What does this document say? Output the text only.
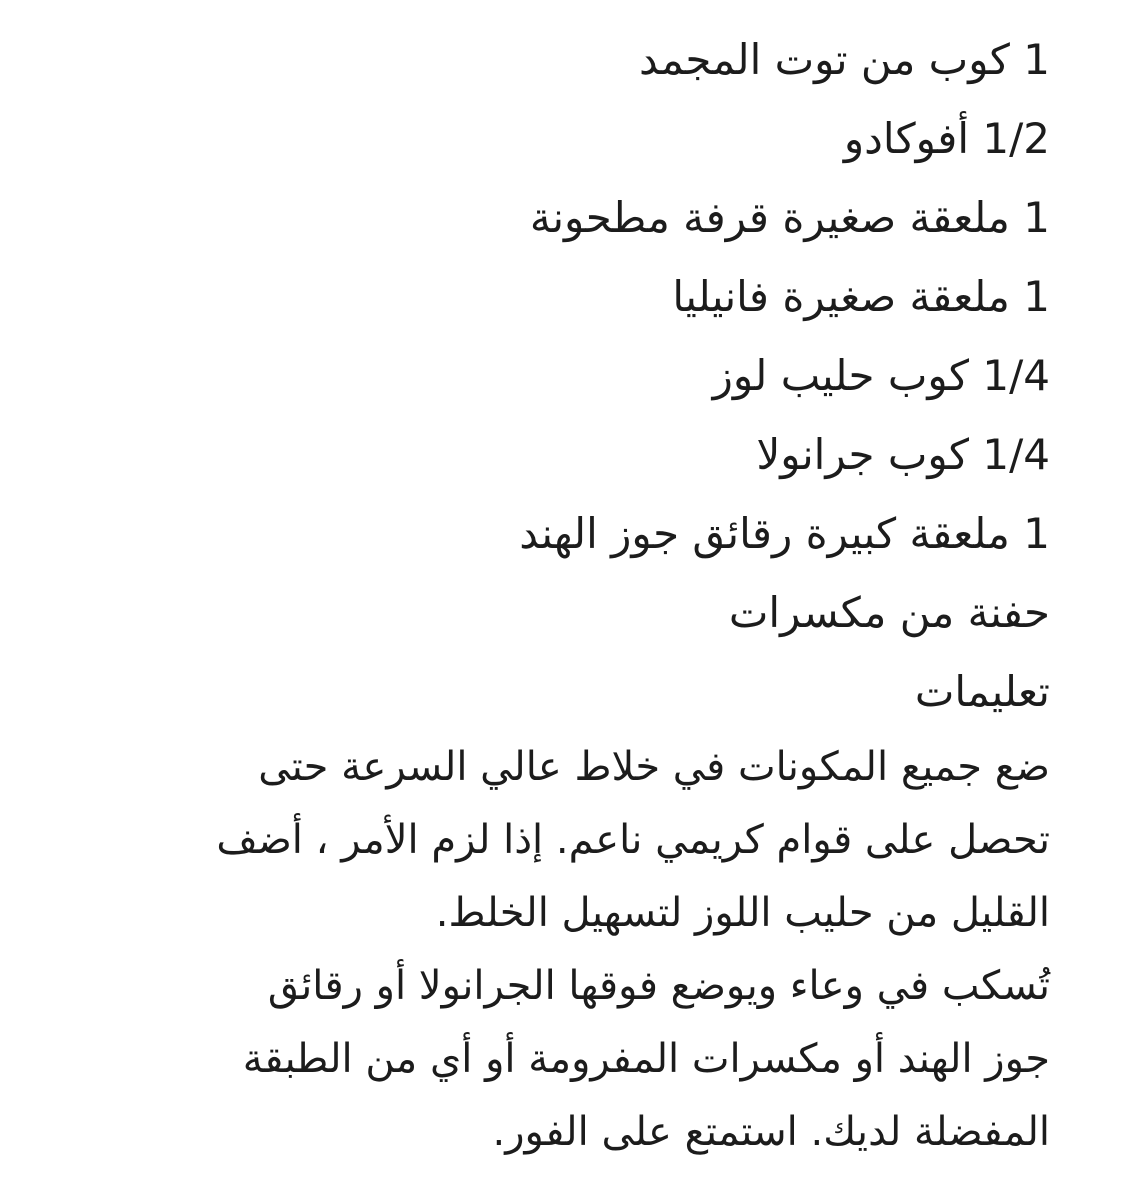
1 كوب من توت المجمد
1/2 أفوكادو
1 ملعقة صغيرة قرفة مطحونة
1 ملعقة صغيرة فانيليا
1/4 كوب حليب لوز
1/4 كوب جرانولا
1 ملعقة كبيرة رقائق جوز الهند
حفنة من مكسرات
تعليمات

ضع جميع المكونات في خلاط عالي السرعة حتى
تحصل على قوام كريمي ناعم. إذا لزم الأمر ، أضف
القليل من حليب اللوز لتسهيل الخلط.

تُسكب في وعاء ويوضع فوقها الجرانولا أو رقائق
جوز الهند أو مكسرات المفرومة أو أي من الطبقة
المفضلة لديك. استمتع على الفور.
